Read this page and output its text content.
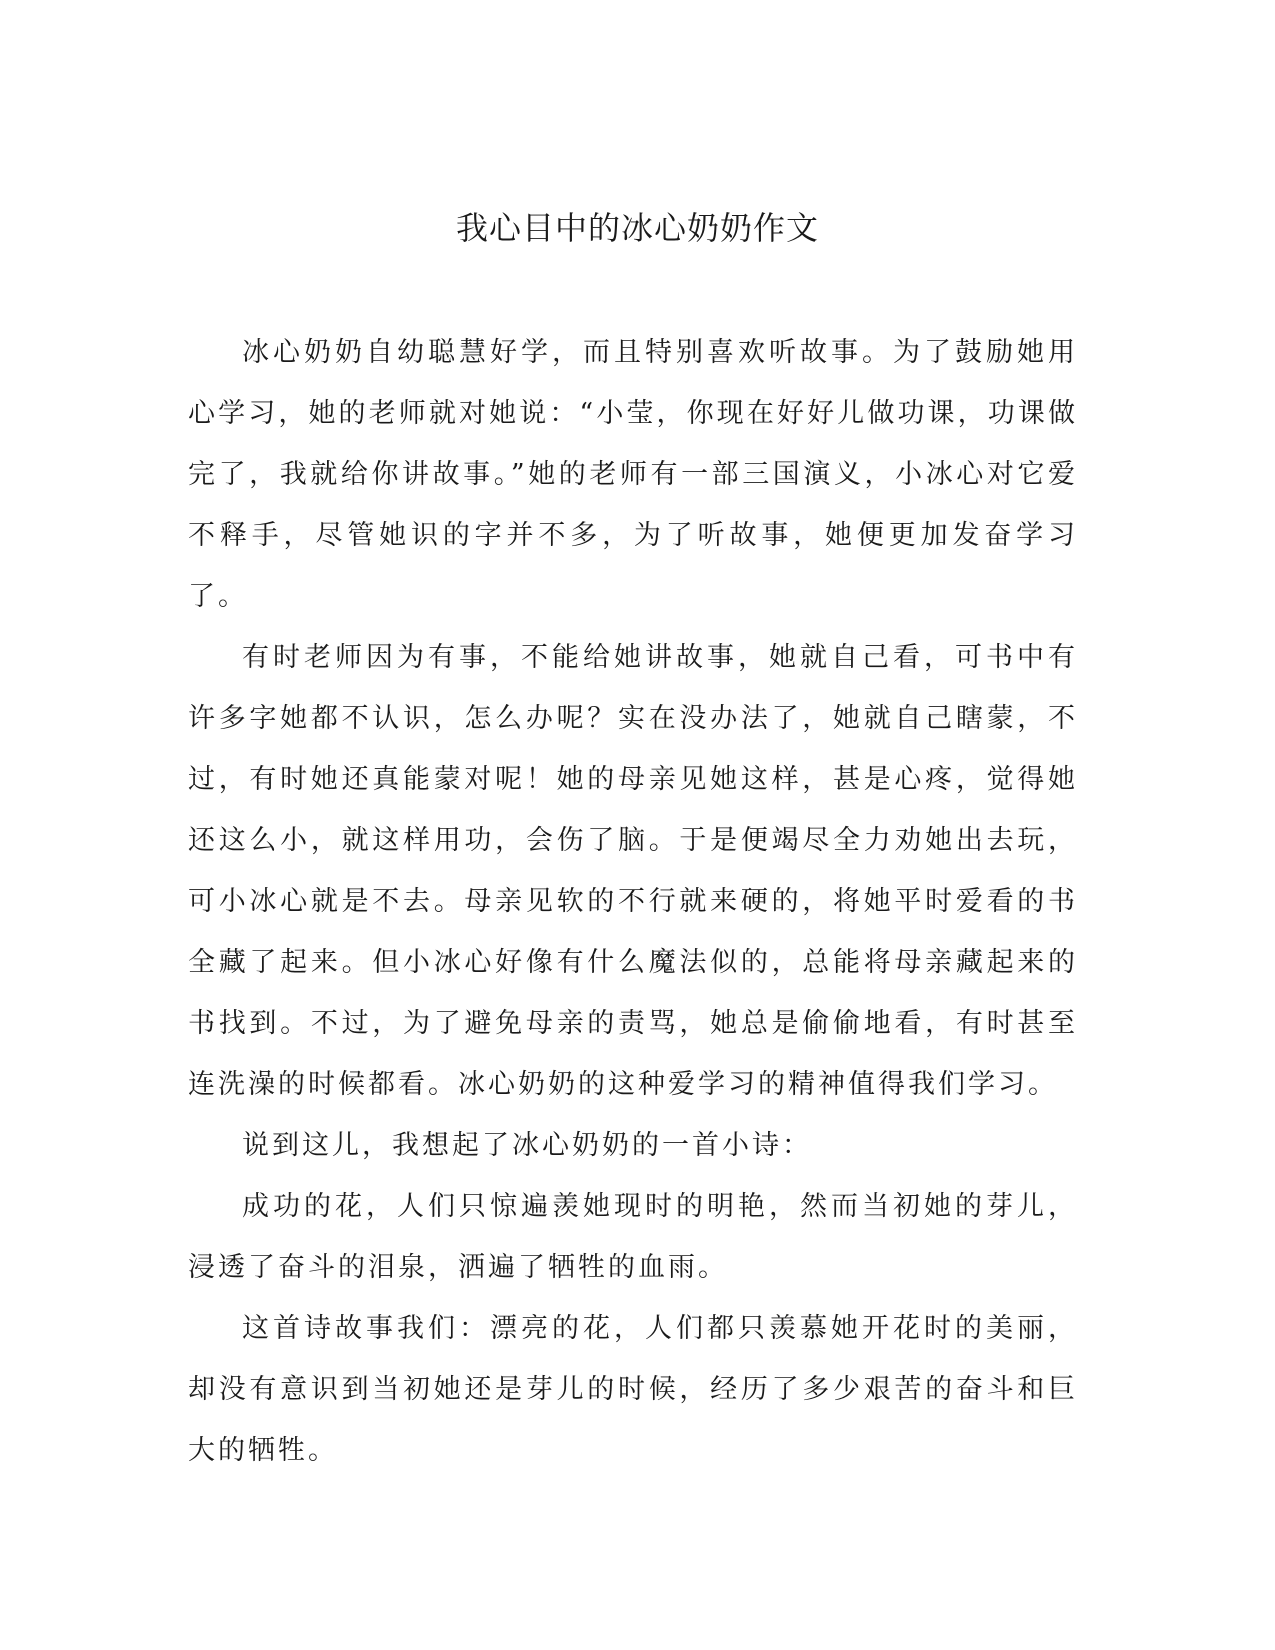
我心目中的冰心奶奶作文

冰心奶奶自幼聪慧好学，而且特别喜欢听故事。为了鼓励她用心学习，她的老师就对她说：“小莹，你现在好好儿做功课，功课做完了，我就给你讲故事。”她的老师有一部三国演义，小冰心对它爱不释手，尽管她识的字并不多，为了听故事，她便更加发奋学习了。

有时老师因为有事，不能给她讲故事，她就自己看，可书中有许多字她都不认识，怎么办呢？实在没办法了，她就自己瞎蒙，不过，有时她还真能蒙对呢！她的母亲见她这样，甚是心疼，觉得她还这么小，就这样用功，会伤了脑。于是便竭尽全力劝她出去玩，可小冰心就是不去。母亲见软的不行就来硬的，将她平时爱看的书全藏了起来。但小冰心好像有什么魔法似的，总能将母亲藏起来的书找到。不过，为了避免母亲的责骂，她总是偷偷地看，有时甚至连洗澡的时候都看。冰心奶奶的这种爱学习的精神值得我们学习。

说到这儿，我想起了冰心奶奶的一首小诗：

成功的花，人们只惊遍羡她现时的明艳，然而当初她的芽儿，浸透了奋斗的泪泉，洒遍了牺牲的血雨。

这首诗故事我们：漂亮的花，人们都只羡慕她开花时的美丽，却没有意识到当初她还是芽儿的时候，经历了多少艰苦的奋斗和巨大的牺牲。
